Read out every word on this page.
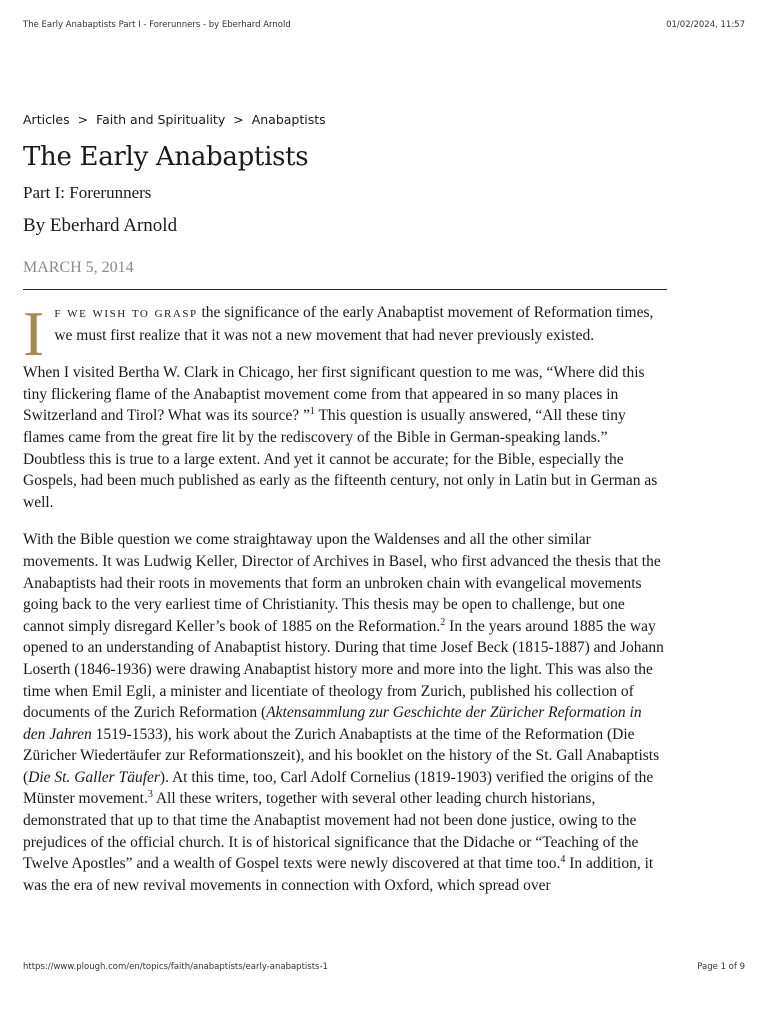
The Early Anabaptists Part I - Forerunners - by Eberhard Arnold	01/02/2024, 11:57
Articles > Faith and Spirituality > Anabaptists
The Early Anabaptists
Part I: Forerunners
By Eberhard Arnold
MARCH 5, 2014
I f we wish to grasp the significance of the early Anabaptist movement of Reformation times, we must first realize that it was not a new movement that had never previously existed.

When I visited Bertha W. Clark in Chicago, her first significant question to me was, “Where did this tiny flickering flame of the Anabaptist movement come from that appeared in so many places in Switzerland and Tirol? What was its source? ”$^1$ This question is usually answered, “All these tiny flames came from the great fire lit by the rediscovery of the Bible in German-speaking lands.” Doubtless this is true to a large extent. And yet it cannot be accurate; for the Bible, especially the Gospels, had been much published as early as the fifteenth century, not only in Latin but in German as well.

With the Bible question we come straightaway upon the Waldenses and all the other similar movements. It was Ludwig Keller, Director of Archives in Basel, who first advanced the thesis that the Anabaptists had their roots in movements that form an unbroken chain with evangelical movements going back to the very earliest time of Christianity. This thesis may be open to challenge, but one cannot simply disregard Keller’s book of 1885 on the Reformation.$^2$ In the years around 1885 the way opened to an understanding of Anabaptist history. During that time Josef Beck (1815-1887) and Johann Loserth (1846-1936) were drawing Anabaptist history more and more into the light. This was also the time when Emil Egli, a minister and licentiate of theology from Zurich, published his collection of documents of the Zurich Reformation (Aktensammlung zur Geschichte der Züricher Reformation in den Jahren 1519-1533), his work about the Zurich Anabaptists at the time of the Reformation (Die Züricher Wiedertäufer zur Reformationszeit), and his booklet on the history of the St. Gall Anabaptists (Die St. Galler Täufer). At this time, too, Carl Adolf Cornelius (1819-1903) verified the origins of the Münster movement.$^3$ All these writers, together with several other leading church historians, demonstrated that up to that time the Anabaptist movement had not been done justice, owing to the prejudices of the official church. It is of historical significance that the Didache or “Teaching of the Twelve Apostles” and a wealth of Gospel texts were newly discovered at that time too.$^4$ In addition, it was the era of new revival movements in connection with Oxford, which spread over

https://www.plough.com/en/topics/faith/anabaptists/early-anabaptists-1	Page 1 of 9
